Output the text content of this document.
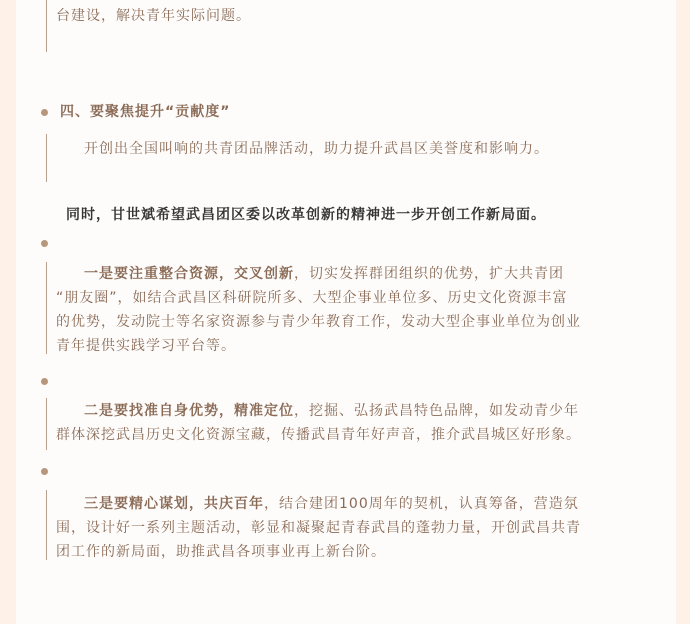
台建设，解决青年实际问题。
四、要聚焦提升“贡献度”
开创出全国叫响的共青团品牌活动，助力提升武昌区美誉度和影响力。
同时，甘世斌希望武昌团区委以改革创新的精神进一步开创工作新局面。
一是要注重整合资源，交叉创新，切实发挥群团组织的优势，扩大共青团
“朋友圈”，如结合武昌区科研院所多、大型企事业单位多、历史文化资源丰富
的优势，发动院士等名家资源参与青少年教育工作，发动大型企事业单位为创业
青年提供实践学习平台等。
二是要找准自身优势，精准定位，挖掘、弘扬武昌特色品牌，如发动青少年
群体深挖武昌历史文化资源宝藏，传播武昌青年好声音，推介武昌城区好形象。
三是要精心谋划，共庆百年，结合建团100周年的契机，认真筹备，营造氛
围，设计好一系列主题活动，彰显和凝聚起青春武昌的蓬勃力量，开创武昌共青
团工作的新局面，助推武昌各项事业再上新台阶。
